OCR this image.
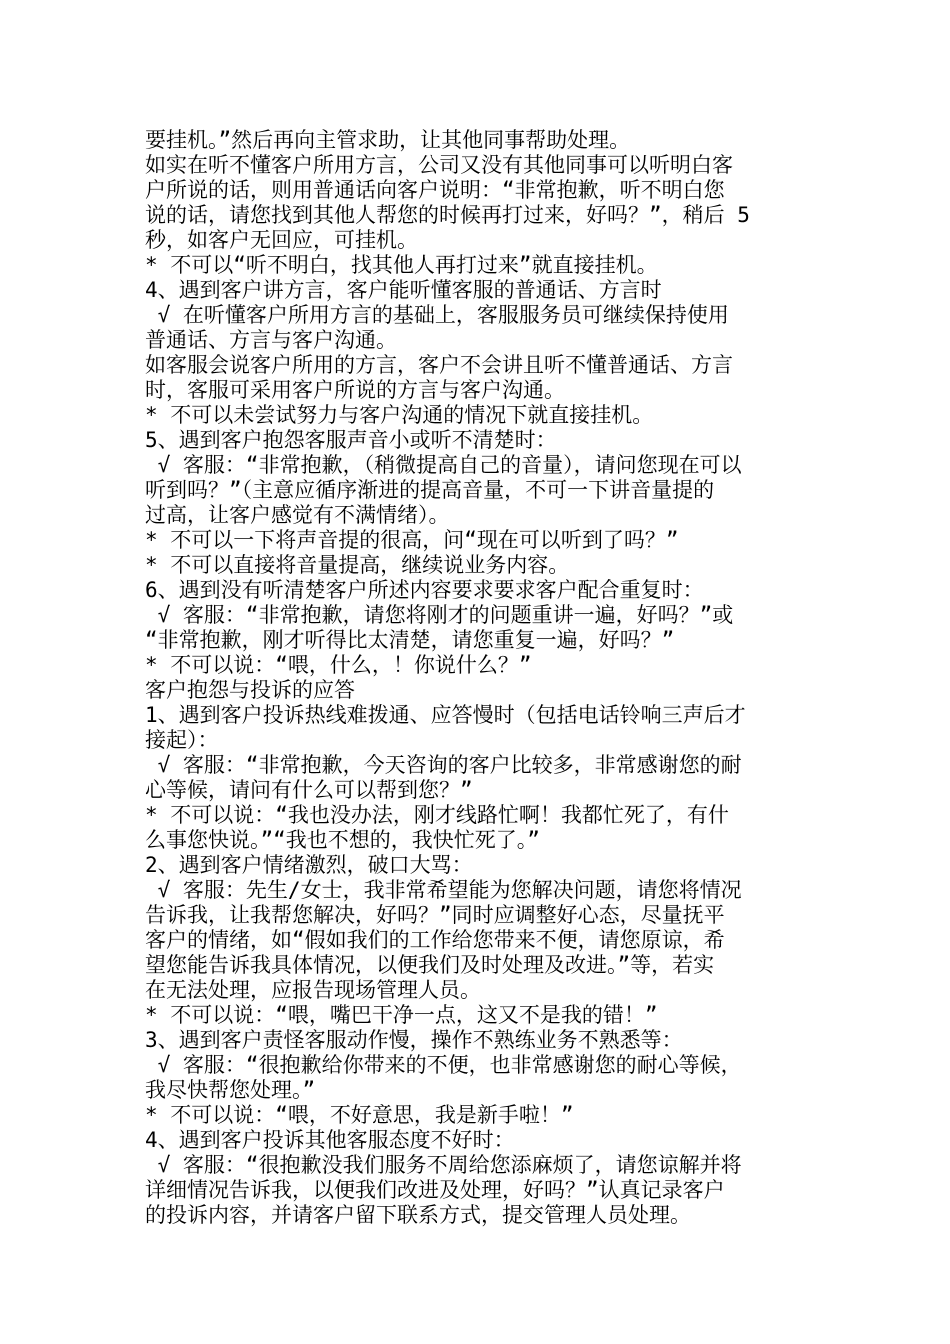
要挂机。”然后再向主管求助，让其他同事帮助处理。
如实在听不懂客户所用方言，公司又没有其他同事可以听明白客
户所说的话，则用普通话向客户说明：“非常抱歉，听不明白您
说的话，请您找到其他人帮您的时候再打过来，好吗？”，稍后 5
秒，如客户无回应，可挂机。
* 不可以“听不明白，找其他人再打过来”就直接挂机。
4、遇到客户讲方言，客户能听懂客服的普通话、方言时
√ 在听懂客户所用方言的基础上，客服服务员可继续保持使用
普通话、方言与客户沟通。
如客服会说客户所用的方言，客户不会讲且听不懂普通话、方言
时，客服可采用客户所说的方言与客户沟通。
* 不可以未尝试努力与客户沟通的情况下就直接挂机。
5、遇到客户抱怨客服声音小或听不清楚时：
√ 客服：“非常抱歉，（稍微提高自己的音量），请问您现在可以
听到吗？”（主意应循序渐进的提高音量，不可一下讲音量提的
过高，让客户感觉有不满情绪）。
* 不可以一下将声音提的很高，问“现在可以听到了吗？”
* 不可以直接将音量提高，继续说业务内容。
6、遇到没有听清楚客户所述内容要求要求客户配合重复时：
√ 客服：“非常抱歉，请您将刚才的问题重讲一遍，好吗？”或
“非常抱歉，刚才听得比太清楚，请您重复一遍，好吗？”
* 不可以说：“喂，什么，！你说什么？”
客户抱怨与投诉的应答
1、遇到客户投诉热线难拨通、应答慢时（包括电话铃响三声后才
接起）：
√ 客服：“非常抱歉，今天咨询的客户比较多，非常感谢您的耐
心等候，请问有什么可以帮到您？”
* 不可以说：“我也没办法，刚才线路忙啊！我都忙死了，有什
么事您快说。”“我也不想的，我快忙死了。”
2、遇到客户情绪激烈，破口大骂：
√ 客服：先生/女士，我非常希望能为您解决问题，请您将情况
告诉我，让我帮您解决，好吗？”同时应调整好心态，尽量抚平
客户的情绪，如“假如我们的工作给您带来不便，请您原谅，希
望您能告诉我具体情况，以便我们及时处理及改进。”等，若实
在无法处理，应报告现场管理人员。
* 不可以说：“喂，嘴巴干净一点，这又不是我的错！”
3、遇到客户责怪客服动作慢，操作不熟练业务不熟悉等：
√ 客服：“很抱歉给你带来的不便，也非常感谢您的耐心等候，
我尽快帮您处理。”
* 不可以说：“喂，不好意思，我是新手啦！”
4、遇到客户投诉其他客服态度不好时：
√ 客服：“很抱歉没我们服务不周给您添麻烦了，请您谅解并将
详细情况告诉我，以便我们改进及处理，好吗？”认真记录客户
的投诉内容，并请客户留下联系方式，提交管理人员处理。
